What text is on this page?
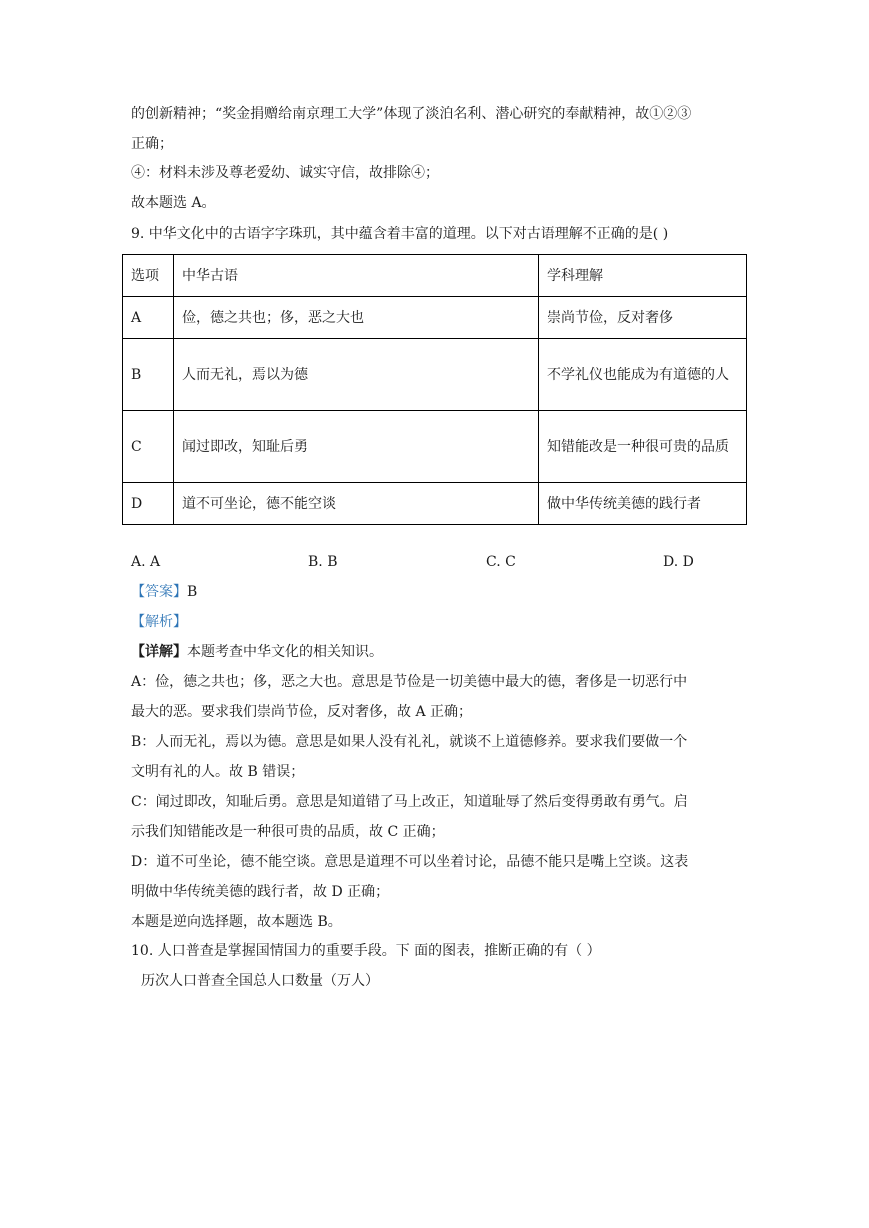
的创新精神；“奖金捐赠给南京理工大学”体现了淡泊名利、潜心研究的奉献精神，故①②③
正确；
④：材料未涉及尊老爱幼、诚实守信，故排除④；
故本题选 A。
9. 中华文化中的古语字字珠玑，其中蕴含着丰富的道理。以下对古语理解不正确的是( )
选项	中华古语	学科理解
A	俭，德之共也；侈，恶之大也	崇尚节俭，反对奢侈
B	人而无礼，焉以为德	不学礼仪也能成为有道德的人
C	闻过即改，知耻后勇	知错能改是一种很可贵的品质
D	道不可坐论，德不能空谈	做中华传统美德的践行者
A. A	B. B	C. C	D. D
【答案】B
【解析】
【详解】本题考查中华文化的相关知识。
A：俭，德之共也；侈，恶之大也。意思是节俭是一切美德中最大的德，奢侈是一切恶行中
最大的恶。要求我们崇尚节俭，反对奢侈，故 A 正确；
B：人而无礼，焉以为德。意思是如果人没有礼礼，就谈不上道德修养。要求我们要做一个
文明有礼的人。故 B 错误；
C：闻过即改，知耻后勇。意思是知道错了马上改正，知道耻辱了然后变得勇敢有勇气。启
示我们知错能改是一种很可贵的品质，故 C 正确；
D：道不可坐论，德不能空谈。意思是道理不可以坐着讨论，品德不能只是嘴上空谈。这表
明做中华传统美德的践行者，故 D 正确；
本题是逆向选择题，故本题选 B。
10. 人口普查是掌握国情国力的重要手段。下 面的图表，推断正确的有（ ）
历次人口普查全国总人口数量（万人）
